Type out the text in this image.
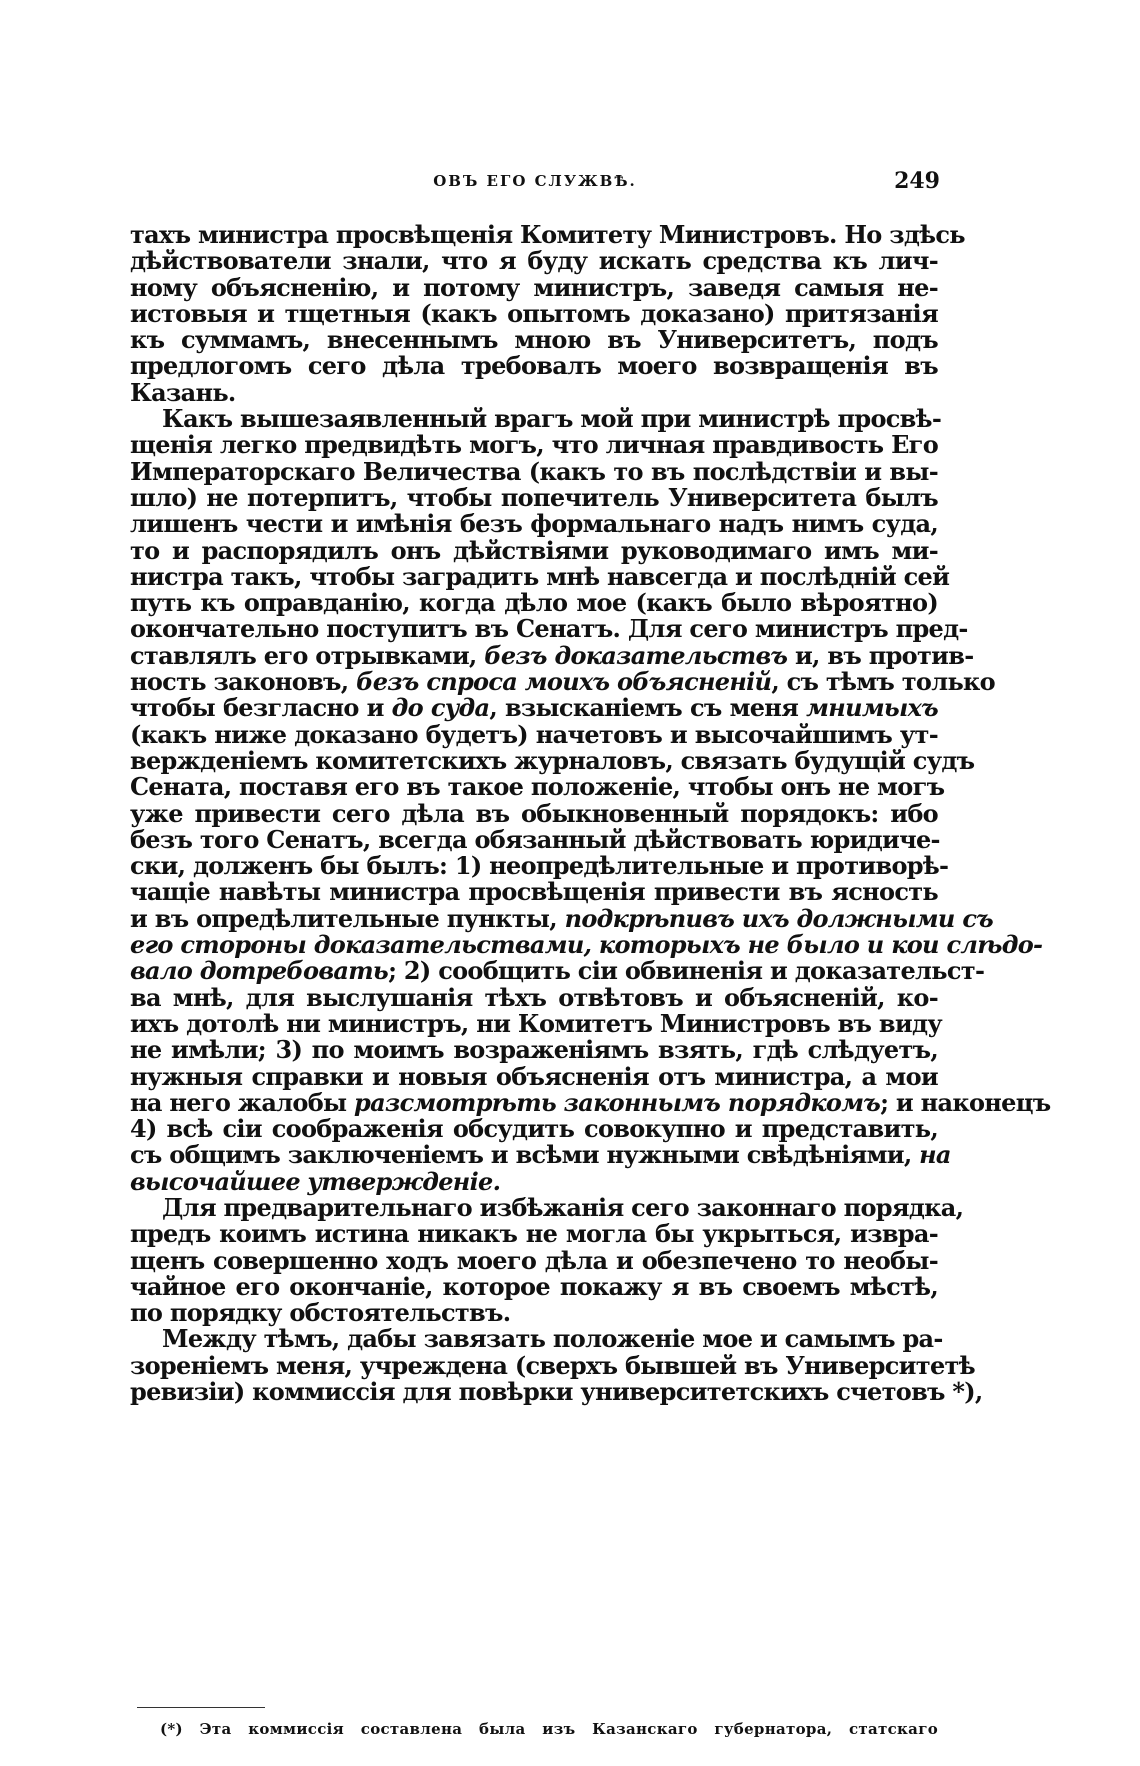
ОВЪ ЕГО СЛУЖВѢ.	249
тахъ министра просвѣщенія Комитету Министровъ. Но здѣсь
дѣйствователи знали, что я буду искать средства къ лич-
ному объясненію, и потому министръ, заведя самыя не-
истовыя и тщетныя (какъ опытомъ доказано) притязанія
къ суммамъ, внесеннымъ мною въ Университетъ, подъ
предлогомъ сего дѣла требовалъ моего возвращенія въ
Казань.
Какъ вышезаявленный врагъ мой при министрѣ просвѣ-
щенія легко предвидѣть могъ, что личная правдивость Его
Императорскаго Величества (какъ то въ послѣдствіи и вы-
шло) не потерпитъ, чтобы попечитель Университета былъ
лишенъ чести и имѣнія безъ формальнаго надъ нимъ суда,
то и распорядилъ онъ дѣйствіями руководимаго имъ ми-
нистра такъ, чтобы заградить мнѣ навсегда и послѣдній сей
путь къ оправданію, когда дѣло мое (какъ было вѣроятно)
окончательно поступитъ въ Сенатъ. Для сего министръ пред-
ставлялъ его отрывками, безъ доказательствъ и, въ против-
ность законовъ, безъ спроса моихъ объясненій, съ тѣмъ только
чтобы безгласно и до суда, взысканіемъ съ меня мнимыхъ
(какъ ниже доказано будетъ) начетовъ и высочайшимъ ут-
вержденіемъ комитетскихъ журналовъ, связать будущій судъ
Сената, поставя его въ такое положеніе, чтобы онъ не могъ
уже привести сего дѣла въ обыкновенный порядокъ: ибо
безъ того Сенатъ, всегда обязанный дѣйствовать юридиче-
ски, долженъ бы былъ: 1) неопредѣлительные и противорѣ-
чащіе навѣты министра просвѣщенія привести въ ясность
и въ опредѣлительные пункты, подкрѣпивъ ихъ должными съ
его стороны доказательствами, которыхъ не было и кои слѣдо-
вало дотребовать; 2) сообщить сіи обвиненія и доказательст-
ва мнѣ, для выслушанія тѣхъ отвѣтовъ и объясненій, ко-
ихъ дотолѣ ни министръ, ни Комитетъ Министровъ въ виду
не имѣли; 3) по моимъ возраженіямъ взять, гдѣ слѣдуетъ,
нужныя справки и новыя объясненія отъ министра, а мои
на него жалобы разсмотрѣть законнымъ порядкомъ; и наконецъ
4) всѣ сіи соображенія обсудить совокупно и представить,
съ общимъ заключеніемъ и всѣми нужными свѣдѣніями, на
высочайшее утвержденіе.
Для предварительнаго избѣжанія сего законнаго порядка,
предъ коимъ истина никакъ не могла бы укрыться, извра-
щенъ совершенно ходъ моего дѣла и обезпечено то необы-
чайное его окончаніе, которое покажу я въ своемъ мѣстѣ,
по порядку обстоятельствъ.
Между тѣмъ, дабы завязать положеніе мое и самымъ ра-
зореніемъ меня, учреждена (сверхъ бывшей въ Университетѣ
ревизіи) коммиссія для повѣрки университетскихъ счетовъ *),
(*) Эта коммиссія составлена была изъ Казанскаго губернатора, статскаго
